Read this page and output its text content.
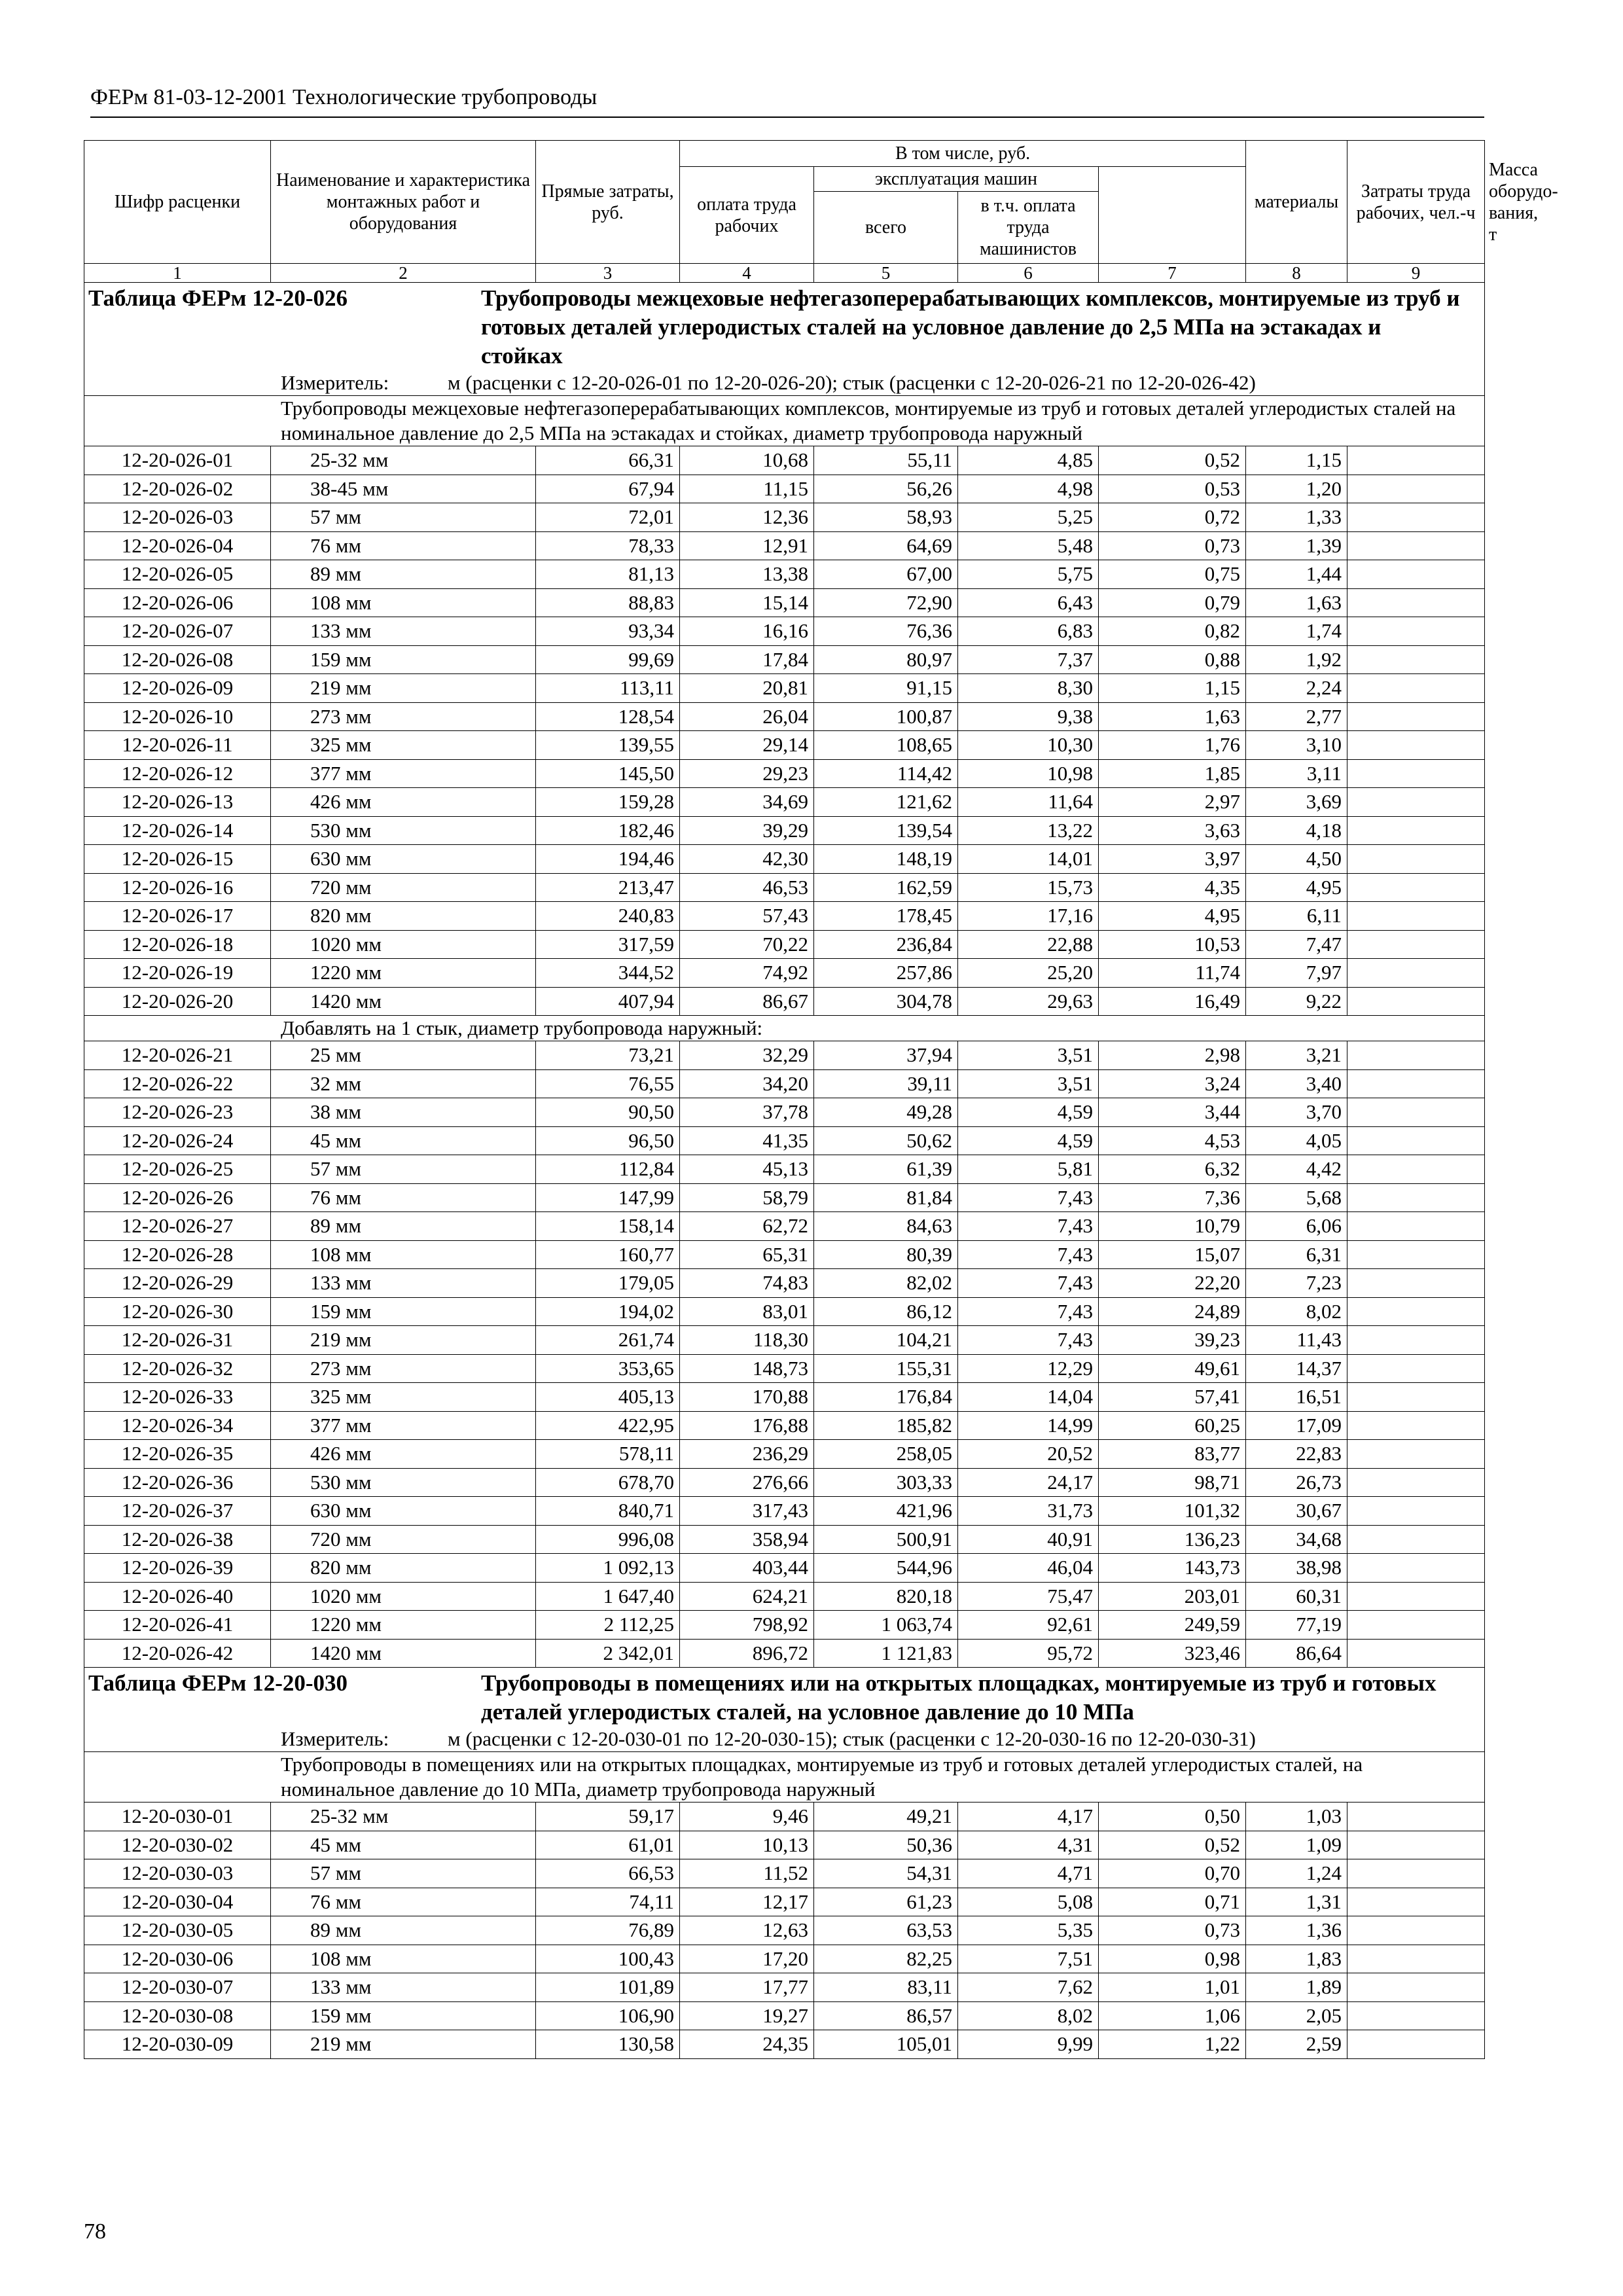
ФЕРм 81-03-12-2001 Технологические трубопроводы
Шифр расценки	Наименование и характеристика монтажных работ и оборудования	Прямые затраты, руб.	В том числе, руб.				материалы	Затраты труда рабочих, чел.-ч	Масса оборудо-вания, т
			оплата труда рабочих	эксплуатация машин				
				всего	в т.ч. оплата труда машинистов				
1	2	3	4	5	6	7	8	9	
Таблица ФЕРм 12-20-026 Трубопроводы межцеховые нефтегазоперерабатывающих комплексов, монтируемые из труб и готовых деталей углеродистых сталей на условное давление до 2,5 МПа на эстакадах и стойках									
Измеритель: м (расценки с 12-20-026-01 по 12-20-026-20); стык (расценки с 12-20-026-21 по 12-20-026-42)									
Трубопроводы межцеховые нефтегазоперерабатывающих комплексов, монтируемые из труб и готовых деталей углеродистых сталей на номинальное давление до 2,5 МПа на эстакадах и стойках, диаметр трубопровода наружный									
12-20-026-01	25-32 мм	66,31	10,68	55,11	4,85	0,52	1,15		
12-20-026-02	38-45 мм	67,94	11,15	56,26	4,98	0,53	1,20		
12-20-026-03	57 мм	72,01	12,36	58,93	5,25	0,72	1,33		
12-20-026-04	76 мм	78,33	12,91	64,69	5,48	0,73	1,39		
12-20-026-05	89 мм	81,13	13,38	67,00	5,75	0,75	1,44		
12-20-026-06	108 мм	88,83	15,14	72,90	6,43	0,79	1,63		
12-20-026-07	133 мм	93,34	16,16	76,36	6,83	0,82	1,74		
12-20-026-08	159 мм	99,69	17,84	80,97	7,37	0,88	1,92		
12-20-026-09	219 мм	113,11	20,81	91,15	8,30	1,15	2,24		
12-20-026-10	273 мм	128,54	26,04	100,87	9,38	1,63	2,77		
12-20-026-11	325 мм	139,55	29,14	108,65	10,30	1,76	3,10		
12-20-026-12	377 мм	145,50	29,23	114,42	10,98	1,85	3,11		
12-20-026-13	426 мм	159,28	34,69	121,62	11,64	2,97	3,69		
12-20-026-14	530 мм	182,46	39,29	139,54	13,22	3,63	4,18		
12-20-026-15	630 мм	194,46	42,30	148,19	14,01	3,97	4,50		
12-20-026-16	720 мм	213,47	46,53	162,59	15,73	4,35	4,95		
12-20-026-17	820 мм	240,83	57,43	178,45	17,16	4,95	6,11		
12-20-026-18	1020 мм	317,59	70,22	236,84	22,88	10,53	7,47		
12-20-026-19	1220 мм	344,52	74,92	257,86	25,20	11,74	7,97		
12-20-026-20	1420 мм	407,94	86,67	304,78	29,63	16,49	9,22		
Добавлять на 1 стык, диаметр трубопровода наружный:									
12-20-026-21	25 мм	73,21	32,29	37,94	3,51	2,98	3,21		
12-20-026-22	32 мм	76,55	34,20	39,11	3,51	3,24	3,40		
12-20-026-23	38 мм	90,50	37,78	49,28	4,59	3,44	3,70		
12-20-026-24	45 мм	96,50	41,35	50,62	4,59	4,53	4,05		
12-20-026-25	57 мм	112,84	45,13	61,39	5,81	6,32	4,42		
12-20-026-26	76 мм	147,99	58,79	81,84	7,43	7,36	5,68		
12-20-026-27	89 мм	158,14	62,72	84,63	7,43	10,79	6,06		
12-20-026-28	108 мм	160,77	65,31	80,39	7,43	15,07	6,31		
12-20-026-29	133 мм	179,05	74,83	82,02	7,43	22,20	7,23		
12-20-026-30	159 мм	194,02	83,01	86,12	7,43	24,89	8,02		
12-20-026-31	219 мм	261,74	118,30	104,21	7,43	39,23	11,43		
12-20-026-32	273 мм	353,65	148,73	155,31	12,29	49,61	14,37		
12-20-026-33	325 мм	405,13	170,88	176,84	14,04	57,41	16,51		
12-20-026-34	377 мм	422,95	176,88	185,82	14,99	60,25	17,09		
12-20-026-35	426 мм	578,11	236,29	258,05	20,52	83,77	22,83		
12-20-026-36	530 мм	678,70	276,66	303,33	24,17	98,71	26,73		
12-20-026-37	630 мм	840,71	317,43	421,96	31,73	101,32	30,67		
12-20-026-38	720 мм	996,08	358,94	500,91	40,91	136,23	34,68		
12-20-026-39	820 мм	1 092,13	403,44	544,96	46,04	143,73	38,98		
12-20-026-40	1020 мм	1 647,40	624,21	820,18	75,47	203,01	60,31		
12-20-026-41	1220 мм	2 112,25	798,92	1 063,74	92,61	249,59	77,19		
12-20-026-42	1420 мм	2 342,01	896,72	1 121,83	95,72	323,46	86,64		
Таблица ФЕРм 12-20-030 Трубопроводы в помещениях или на открытых площадках, монтируемые из труб и готовых деталей углеродистых сталей, на условное давление до 10 МПа									
Измеритель: м (расценки с 12-20-030-01 по 12-20-030-15); стык (расценки с 12-20-030-16 по 12-20-030-31)									
Трубопроводы в помещениях или на открытых площадках, монтируемые из труб и готовых деталей углеродистых сталей, на номинальное давление до 10 МПа, диаметр трубопровода наружный									
12-20-030-01	25-32 мм	59,17	9,46	49,21	4,17	0,50	1,03		
12-20-030-02	45 мм	61,01	10,13	50,36	4,31	0,52	1,09		
12-20-030-03	57 мм	66,53	11,52	54,31	4,71	0,70	1,24		
12-20-030-04	76 мм	74,11	12,17	61,23	5,08	0,71	1,31		
12-20-030-05	89 мм	76,89	12,63	63,53	5,35	0,73	1,36		
12-20-030-06	108 мм	100,43	17,20	82,25	7,51	0,98	1,83		
12-20-030-07	133 мм	101,89	17,77	83,11	7,62	1,01	1,89		
12-20-030-08	159 мм	106,90	19,27	86,57	8,02	1,06	2,05		
12-20-030-09	219 мм	130,58	24,35	105,01	9,99	1,22	2,59		
78
